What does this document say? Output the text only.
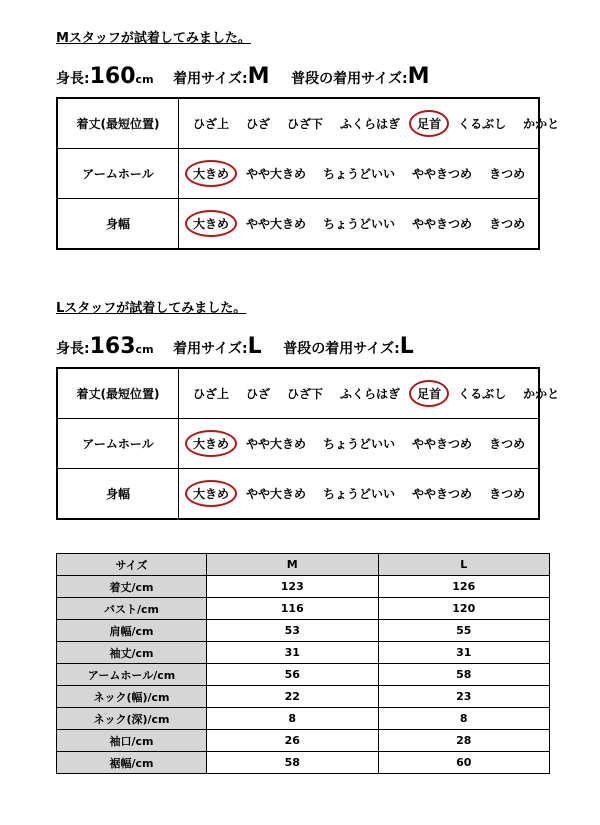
Mスタッフが試着してみました。
身長:160cm 着用サイズ:M 普段の着用サイズ:M
着丈(最短位置)	ひざ上 ひざ ひざ下 ふくらはぎ 足首 くるぶし かかと
アームホール	大きめ やや大きめ ちょうどいい ややきつめ きつめ
身幅	大きめ やや大きめ ちょうどいい ややきつめ きつめ
Lスタッフが試着してみました。
身長:163cm 着用サイズ:L 普段の着用サイズ:L
着丈(最短位置)	ひざ上 ひざ ひざ下 ふくらはぎ 足首 くるぶし かかと
アームホール	大きめ やや大きめ ちょうどいい ややきつめ きつめ
身幅	大きめ やや大きめ ちょうどいい ややきつめ きつめ
サイズ	M	L
着丈/cm	123	126
バスト/cm	116	120
肩幅/cm	53	55
袖丈/cm	31	31
アームホール/cm	56	58
ネック(幅)/cm	22	23
ネック(深)/cm	8	8
袖口/cm	26	28
裾幅/cm	58	60
